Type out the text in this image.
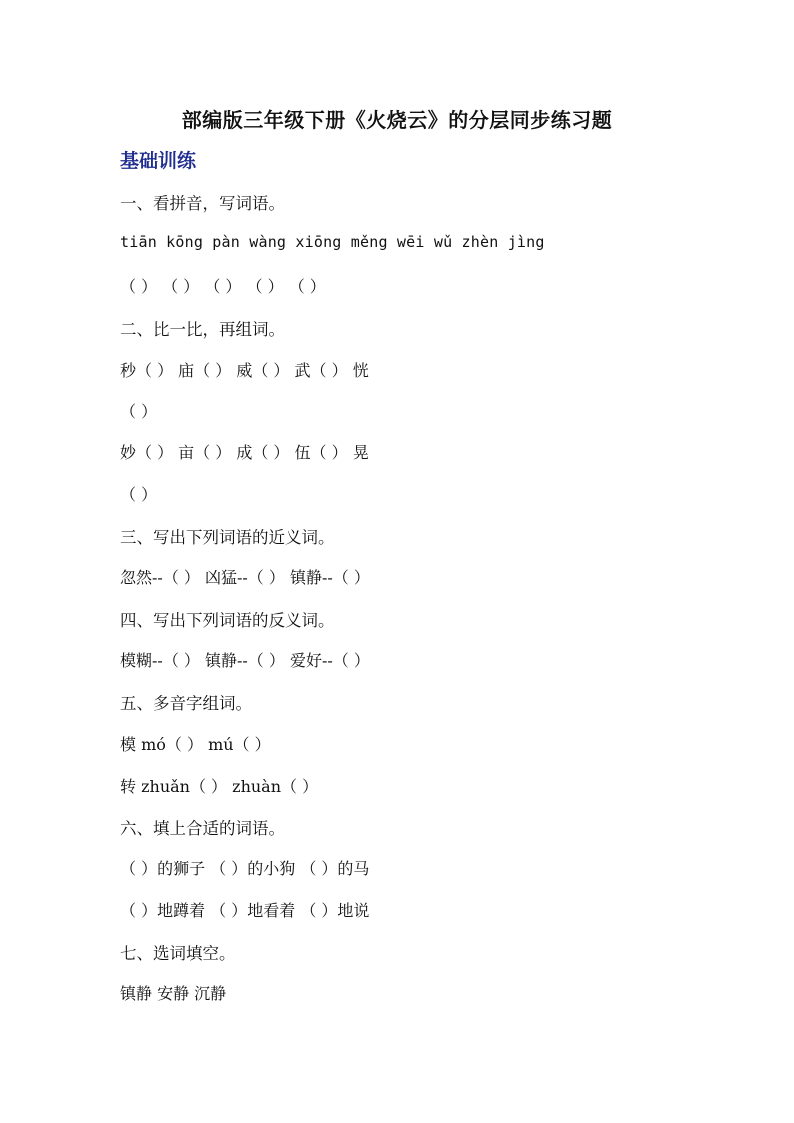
部编版三年级下册《火烧云》的分层同步练习题
基础训练
一、看拼音，写词语。
tiān kōng pàn wàng xiōng měng wēi wǔ zhèn jìng
（ ） （ ） （ ） （ ） （ ）
二、比一比，再组词。
秒（ ） 庙（ ） 威（ ） 武（ ） 恍
（ ）
妙（ ） 亩（ ） 成（ ） 伍（ ） 晃
（ ）
三、写出下列词语的近义词。
忽然--（ ） 凶猛--（ ） 镇静--（ ）
四、写出下列词语的反义词。
模糊--（ ） 镇静--（ ） 爱好--（ ）
五、多音字组词。
模 mó（ ） mú（ ）
转 zhuǎn（ ） zhuàn（ ）
六、填上合适的词语。
（ ）的狮子 （ ）的小狗 （ ）的马
（ ）地蹲着 （ ）地看着 （ ）地说
七、选词填空。
镇静 安静 沉静
